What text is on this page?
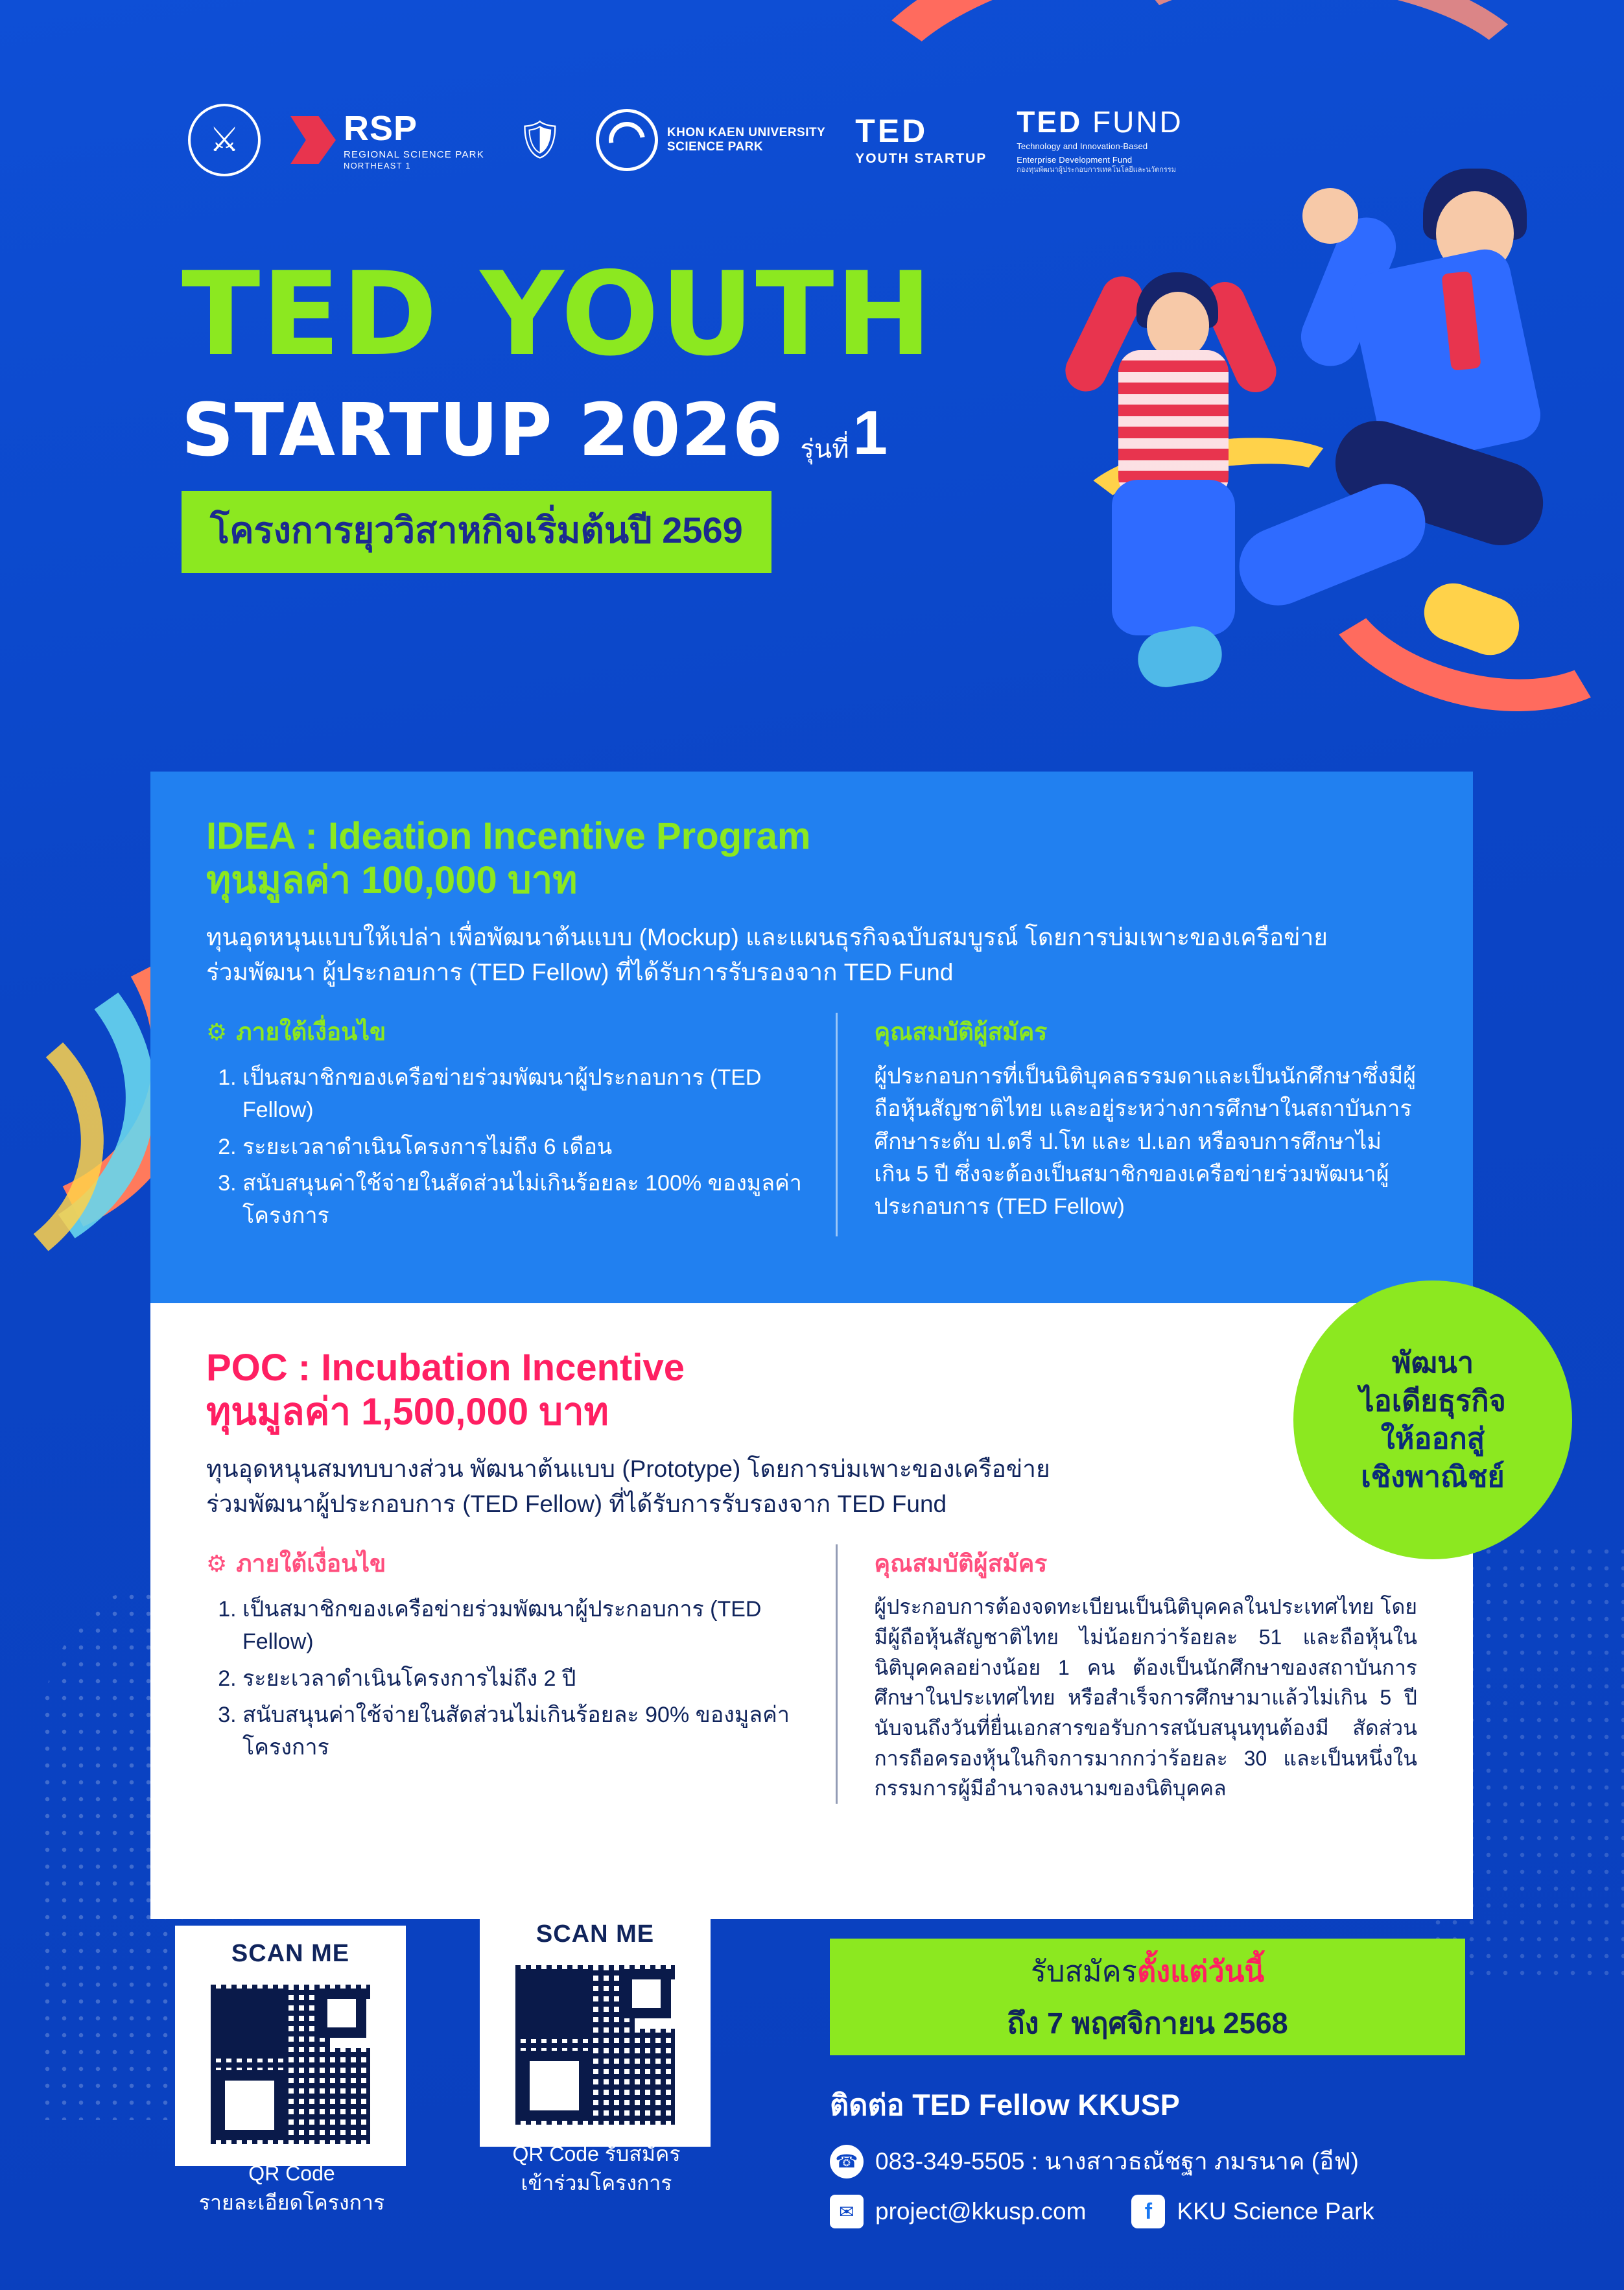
⚔	RSP
REGIONAL SCIENCE PARK
NORTHEAST 1
🛡	KHON KAEN UNIVERSITY
SCIENCE PARK	TED
YOUTH STARTUP
TED FUND
Technology and Innovation-Based
Enterprise Development Fund
กองทุนพัฒนาผู้ประกอบการเทคโนโลยีและนวัตกรรม
TED YOUTH
STARTUP 2026 รุ่นที่ 1
โครงการยุววิสาหกิจเริ่มต้นปี 2569
IDEA : Ideation Incentive Program
ทุนมูลค่า 100,000 บาท
ทุนอุดหนุนแบบให้เปล่า เพื่อพัฒนาต้นแบบ (Mockup) และแผนธุรกิจฉบับสมบูรณ์ โดยการบ่มเพาะของเครือข่าย ร่วมพัฒนา ผู้ประกอบการ (TED Fellow) ที่ได้รับการรับรองจาก TED Fund
⚙ ภายใต้เงื่อนไข
1. เป็นสมาชิกของเครือข่ายร่วมพัฒนาผู้ประกอบการ (TED Fellow)
2. ระยะเวลาดำเนินโครงการไม่ถึง 6 เดือน
3. สนับสนุนค่าใช้จ่ายในสัดส่วนไม่เกินร้อยละ 100% ของมูลค่าโครงการ
คุณสมบัติผู้สมัคร
ผู้ประกอบการที่เป็นนิติบุคลธรรมดาและเป็นนักศึกษาซึ่งมีผู้ถือหุ้นสัญชาติไทย และอยู่ระหว่างการศึกษาในสถาบันการศึกษาระดับ ป.ตรี ป.โท และ ป.เอก หรือจบการศึกษาไม่เกิน 5 ปี ซึ่งจะต้องเป็นสมาชิกของเครือข่ายร่วมพัฒนาผู้ประกอบการ (TED Fellow)
POC : Incubation Incentive
ทุนมูลค่า 1,500,000 บาท
ทุนอุดหนุนสมทบบางส่วน พัฒนาต้นแบบ (Prototype) โดยการบ่มเพาะของเครือข่ายร่วมพัฒนาผู้ประกอบการ (TED Fellow) ที่ได้รับการรับรองจาก TED Fund
⚙ ภายใต้เงื่อนไข
1. เป็นสมาชิกของเครือข่ายร่วมพัฒนาผู้ประกอบการ (TED Fellow)
2. ระยะเวลาดำเนินโครงการไม่ถึง 2 ปี
3. สนับสนุนค่าใช้จ่ายในสัดส่วนไม่เกินร้อยละ 90% ของมูลค่าโครงการ
คุณสมบัติผู้สมัคร
ผู้ประกอบการต้องจดทะเบียนเป็นนิติบุคคลในประเทศไทย โดยมีผู้ถือหุ้นสัญชาติไทย ไม่น้อยกว่าร้อยละ 51 และถือหุ้นในนิติบุคคลอย่างน้อย 1 คน ต้องเป็นนักศึกษาของสถาบันการศึกษาในประเทศไทย หรือสำเร็จการศึกษามาแล้วไม่เกิน 5 ปี นับจนถึงวันที่ยื่นเอกสารขอรับการสนับสนุนทุนต้องมี สัดส่วนการถือครองหุ้นในกิจการมากกว่าร้อยละ 30 และเป็นหนึ่งในกรรมการผู้มีอำนาจลงนามของนิติบุคคล
พัฒนา
ไอเดียธุรกิจ
ให้ออกสู่
เชิงพาณิชย์
SCAN ME
QR Code
รายละเอียดโครงการ
SCAN ME
QR Code รับสมัคร
เข้าร่วมโครงการ
รับสมัครตั้งแต่วันนี้
ถึง 7 พฤศจิกายน 2568
ติดต่อ TED Fellow KKUSP
☎ 083-349-5505 : นางสาวธณัชฐา ภมรนาค (อีฟ)
✉ project@kkusp.com	f	KKU Science Park
